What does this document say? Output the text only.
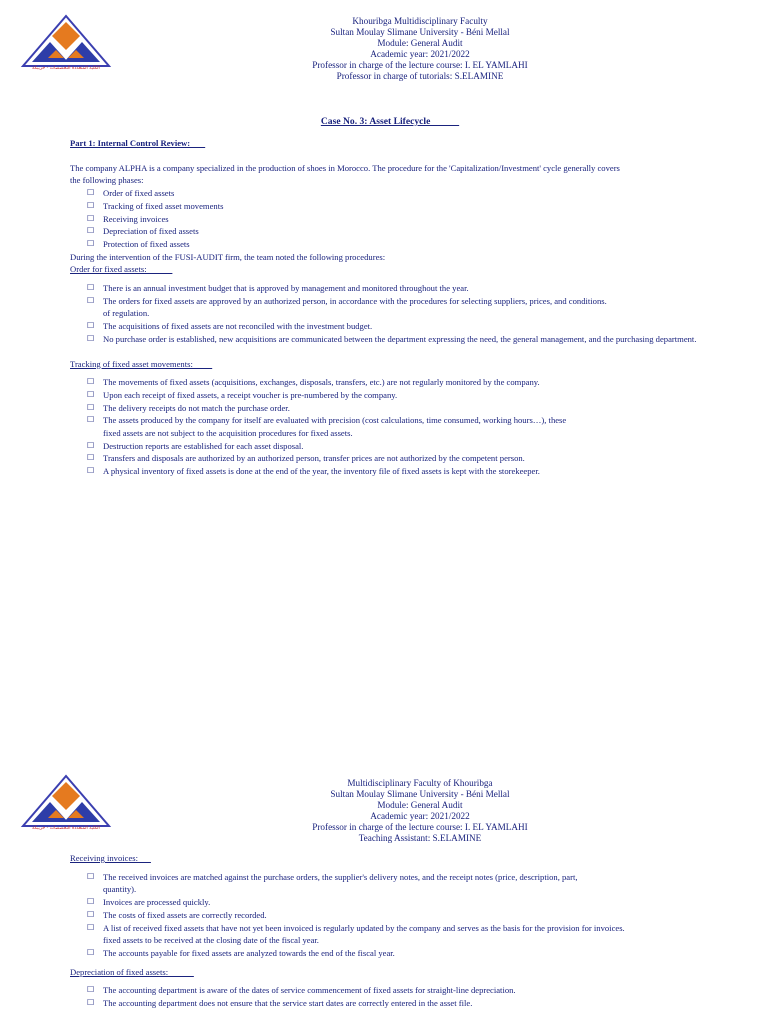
الكلية المتعددة التخصصات - خريبكة
Khouribga Multidisciplinary Faculty
Sultan Moulay Slimane University - Béni Mellal
Module: General Audit
Academic year: 2021/2022
Professor in charge of the lecture course: I. EL YAMLAHI
Professor in charge of tutorials: S.ELAMINE
Case No. 3: Asset Lifecycle
Part 1: Internal Control Review:
The company ALPHA is a company specialized in the production of shoes in Morocco. The procedure for the 'Capitalization/Investment' cycle generally covers
the following phases:
☐ Order of fixed assets
☐ Tracking of fixed asset movements
☐ Receiving invoices
☐ Depreciation of fixed assets
☐ Protection of fixed assets
During the intervention of the FUSI-AUDIT firm, the team noted the following procedures:
Order for fixed assets:
☐ There is an annual investment budget that is approved by management and monitored throughout the year.
☐ The orders for fixed assets are approved by an authorized person, in accordance with the procedures for selecting suppliers, prices, and conditions.
of regulation.
☐ The acquisitions of fixed assets are not reconciled with the investment budget.
☐ No purchase order is established, new acquisitions are communicated between the department expressing the need, the general management, and the purchasing department.
Tracking of fixed asset movements:
☐ The movements of fixed assets (acquisitions, exchanges, disposals, transfers, etc.) are not regularly monitored by the company.
☐ Upon each receipt of fixed assets, a receipt voucher is pre-numbered by the company.
☐ The delivery receipts do not match the purchase order.
☐ The assets produced by the company for itself are evaluated with precision (cost calculations, time consumed, working hours…), these
fixed assets are not subject to the acquisition procedures for fixed assets.
☐ Destruction reports are established for each asset disposal.
☐ Transfers and disposals are authorized by an authorized person, transfer prices are not authorized by the competent person.
☐ A physical inventory of fixed assets is done at the end of the year, the inventory file of fixed assets is kept with the storekeeper.
الكلية المتعددة التخصصات - خريبكة
Multidisciplinary Faculty of Khouribga
Sultan Moulay Slimane University - Béni Mellal
Module: General Audit
Academic year: 2021/2022
Professor in charge of the lecture course: I. EL YAMLAHI
Teaching Assistant: S.ELAMINE
Receiving invoices:
☐ The received invoices are matched against the purchase orders, the supplier's delivery notes, and the receipt notes (price, description, part,
quantity).
☐ Invoices are processed quickly.
☐ The costs of fixed assets are correctly recorded.
☐ A list of received fixed assets that have not yet been invoiced is regularly updated by the company and serves as the basis for the provision for invoices.
fixed assets to be received at the closing date of the fiscal year.
☐ The accounts payable for fixed assets are analyzed towards the end of the fiscal year.
Depreciation of fixed assets:
☐ The accounting department is aware of the dates of service commencement of fixed assets for straight-line depreciation.
☐ The accounting department does not ensure that the service start dates are correctly entered in the asset file.
